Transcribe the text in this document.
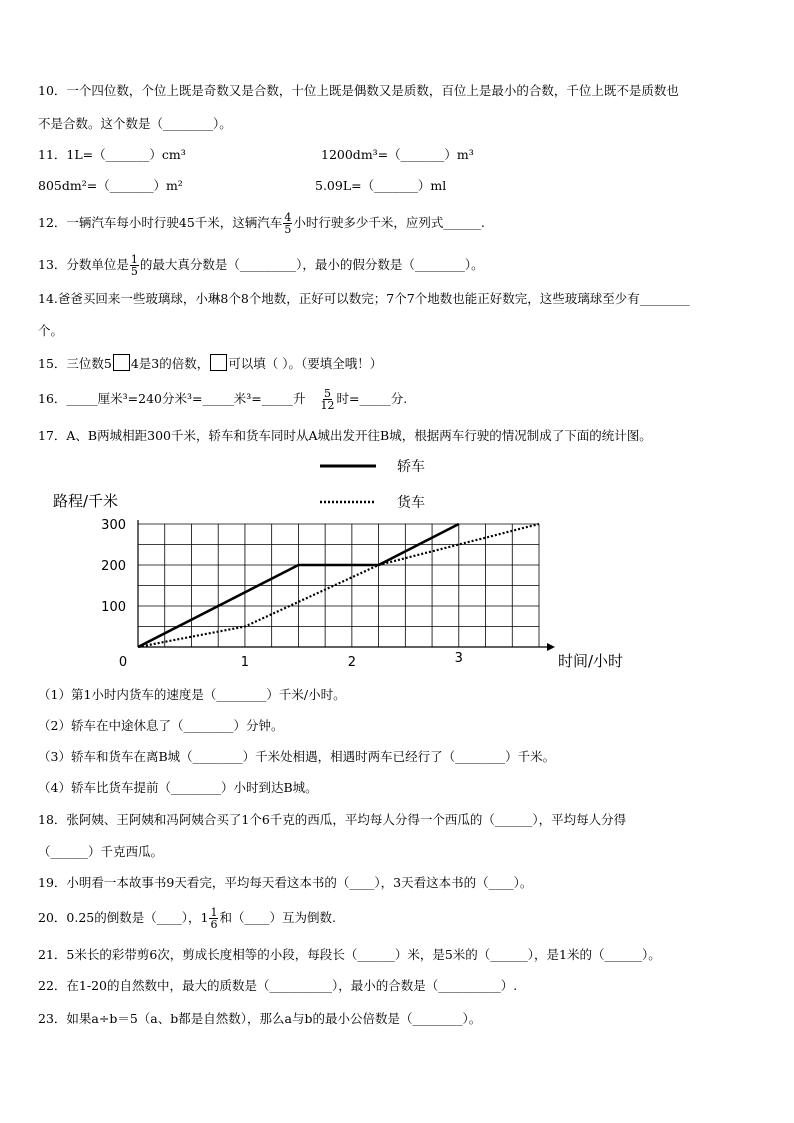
10．一个四位数，个位上既是奇数又是合数，十位上既是偶数又是质数，百位上是最小的合数，千位上既不是质数也
不是合数。这个数是（________）。
11．1L=（_______）cm³	1200dm³=（_______）m³
805dm²=（_______）m²	5.09L=（_______）ml
12．一辆汽车每小时行驶45千米，这辆汽车 $\frac{4}{5}$ 小时行驶多少千米，应列式______.
13．分数单位是 $\frac{1}{5}$ 的最大真分数是（_________），最小的假分数是（________）。
14.爸爸买回来一些玻璃球，小琳8个8个地数，正好可以数完；7个7个地数也能正好数完，这些玻璃球至少有________
个。
15．三位数5 4是3的倍数， 可以填（ ）。（要填全哦！）
16．_____厘米³=240分米³=_____米³=_____升 $\frac{5}{12}$ 时=_____分.
17．A、B两城相距300千米，轿车和货车同时从A城出发开往B城，根据两车行驶的情况制成了下面的统计图。
轿车
货车
100
200
300
0	1	2	3
路程/千米
时间/小时
（1）第1小时内货车的速度是（________）千米/小时。
（2）轿车在中途休息了（________）分钟。
（3）轿车和货车在离B城（________）千米处相遇，相遇时两车已经行了（________）千米。
（4）轿车比货车提前（________）小时到达B城。
18．张阿姨、王阿姨和冯阿姨合买了1个6千克的西瓜，平均每人分得一个西瓜的（______），平均每人分得
（______）千克西瓜。
19．小明看一本故事书9天看完，平均每天看这本书的（____），3天看这本书的（____）。
20．0.25的倒数是（____），$1 \frac{1}{6}$ 和（____）互为倒数.
21．5米长的彩带剪6次，剪成长度相等的小段，每段长（______）米，是5米的（______），是1米的（______）。
22．在1-20的自然数中，最大的质数是（__________），最小的合数是（__________）.
23．如果a÷b＝5（a、b都是自然数），那么a与b的最小公倍数是（________）。
